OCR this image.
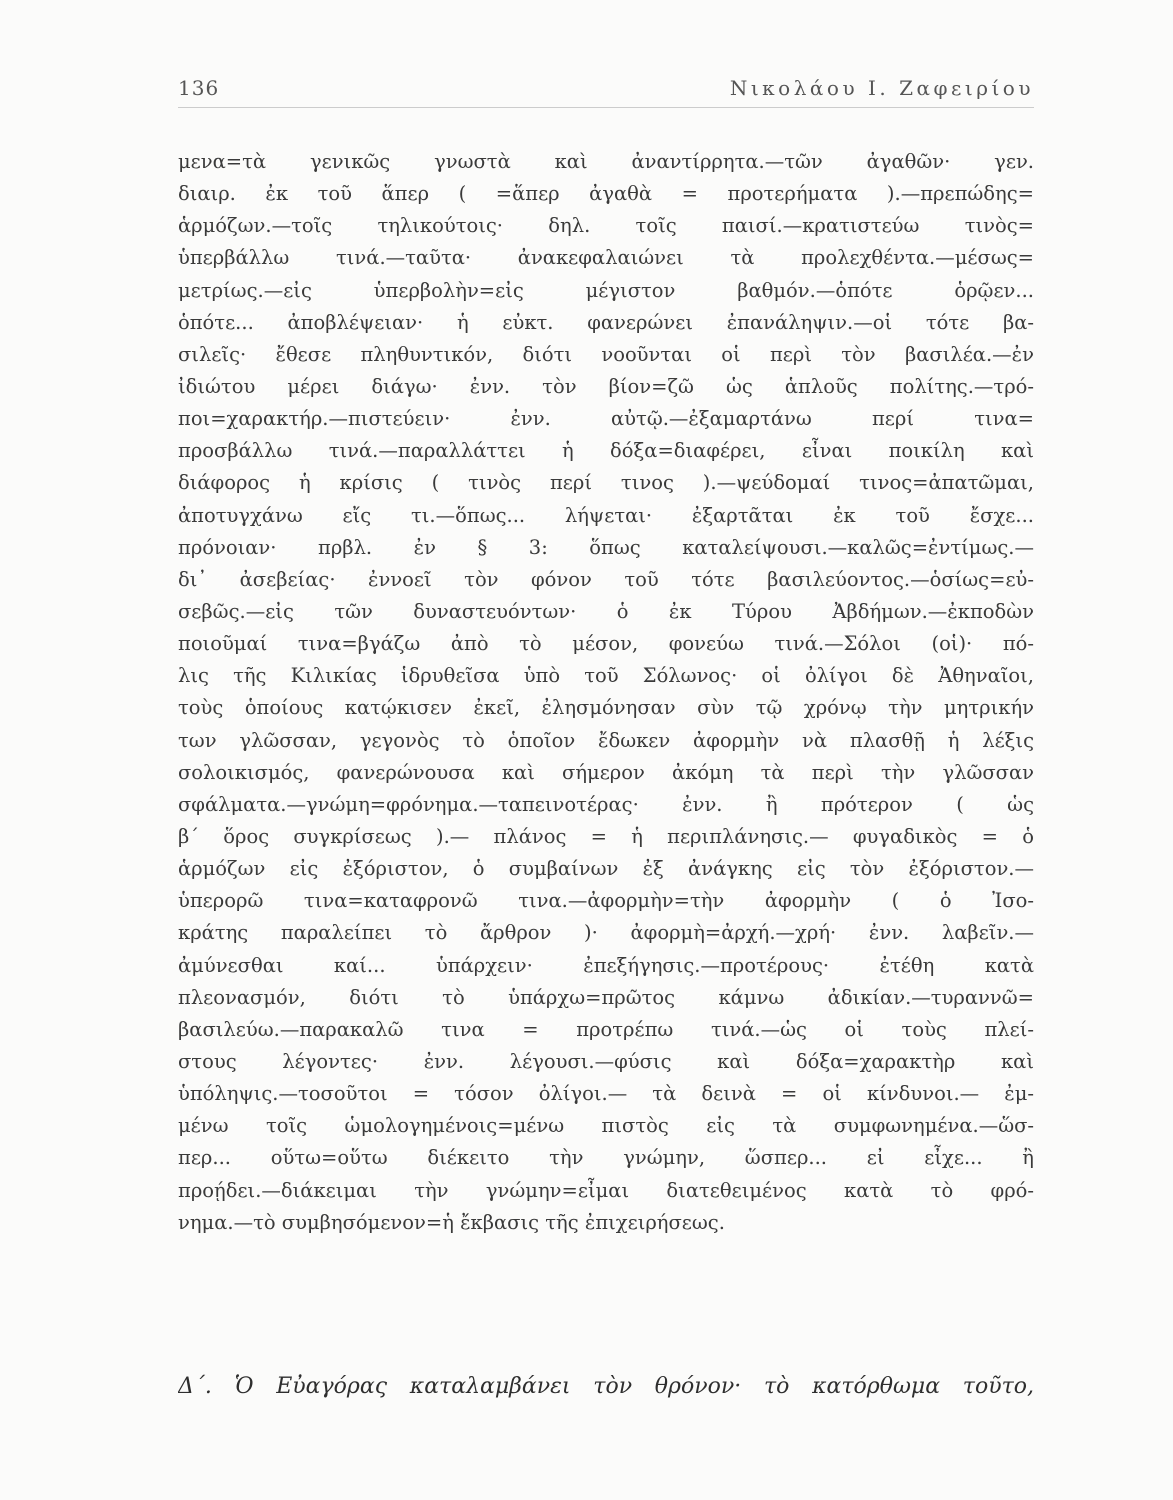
136	Νικολάου Ι. Ζαφειρίου
μενα=τὰ γενικῶς γνωστὰ καὶ ἀναντίρρητα.—τῶν ἀγαθῶν· γεν.
διαιρ. ἐκ τοῦ ἅπερ ( =ἅπερ ἀγαθὰ = προτερήματα ).—πρεπώδης=
ἁρμόζων.—τοῖς τηλικούτοις· δηλ. τοῖς παισί.—κρατιστεύω τινὸς=
ὑπερβάλλω τινά.—ταῦτα· ἀνακεφαλαιώνει τὰ προλεχθέντα.—μέσως=
μετρίως.—εἰς ὑπερβολὴν=εἰς μέγιστον βαθμόν.—ὁπότε ὁρῷεν...
ὁπότε... ἀποβλέψειαν· ἡ εὐκτ. φανερώνει ἐπανάληψιν.—οἱ τότε βα-
σιλεῖς· ἔθεσε πληθυντικόν, διότι νοοῦνται οἱ περὶ τὸν βασιλέα.—ἐν
ἰδιώτου μέρει διάγω· ἐνν. τὸν βίον=ζῶ ὡς ἁπλοῦς πολίτης.—τρό-
ποι=χαρακτήρ.—πιστεύειν· ἐνν. αὐτῷ.—ἐξαμαρτάνω περί τινα=
προσβάλλω τινά.—παραλλάττει ἡ δόξα=διαφέρει, εἶναι ποικίλη καὶ
διάφορος ἡ κρίσις ( τινὸς περί τινος ).—ψεύδομαί τινος=ἀπατῶμαι,
ἀποτυγχάνω εἴς τι.—ὅπως... λήψεται· ἐξαρτᾶται ἐκ τοῦ ἔσχε...
πρόνοιαν· πρβλ. ἐν § 3: ὅπως καταλείψουσι.—καλῶς=ἐντίμως.—
δι᾽ ἀσεβείας· ἐννοεῖ τὸν φόνον τοῦ τότε βασιλεύοντος.—ὁσίως=εὐ-
σεβῶς.—εἰς τῶν δυναστευόντων· ὁ ἐκ Τύρου Ἀβδήμων.—ἐκποδὼν
ποιοῦμαί τινα=βγάζω ἀπὸ τὸ μέσον, φονεύω τινά.—Σόλοι (οἱ)· πό-
λις τῆς Κιλικίας ἱδρυθεῖσα ὑπὸ τοῦ Σόλωνος· οἱ ὀλίγοι δὲ Ἀθηναῖοι,
τοὺς ὁποίους κατῴκισεν ἐκεῖ, ἐλησμόνησαν σὺν τῷ χρόνῳ τὴν μητρικήν
των γλῶσσαν, γεγονὸς τὸ ὁποῖον ἔδωκεν ἀφορμὴν νὰ πλασθῇ ἡ λέξις
σολοικισμός, φανερώνουσα καὶ σήμερον ἀκόμη τὰ περὶ τὴν γλῶσσαν
σφάλματα.—γνώμη=φρόνημα.—ταπεινοτέρας· ἐνν. ἢ πρότερον ( ὡς
β΄ ὅρος συγκρίσεως ).— πλάνος = ἡ περιπλάνησις.— φυγαδικὸς = ὁ
ἁρμόζων εἰς ἐξόριστον, ὁ συμβαίνων ἐξ ἀνάγκης εἰς τὸν ἐξόριστον.—
ὑπερορῶ τινα=καταφρονῶ τινα.—ἀφορμὴν=τὴν ἀφορμὴν ( ὁ Ἰσο-
κράτης παραλείπει τὸ ἄρθρον )· ἀφορμὴ=ἀρχή.—χρή· ἐνν. λαβεῖν.—
ἀμύνεσθαι καί... ὑπάρχειν· ἐπεξήγησις.—προτέρους· ἐτέθη κατὰ
πλεονασμόν, διότι τὸ ὑπάρχω=πρῶτος κάμνω ἀδικίαν.—τυραννῶ=
βασιλεύω.—παρακαλῶ τινα = προτρέπω τινά.—ὡς οἱ τοὺς πλεί-
στους λέγοντες· ἐνν. λέγουσι.—φύσις καὶ δόξα=χαρακτὴρ καὶ
ὑπόληψις.—τοσοῦτοι = τόσον ὀλίγοι.— τὰ δεινὰ = οἱ κίνδυνοι.— ἐμ-
μένω τοῖς ὡμολογημένοις=μένω πιστὸς εἰς τὰ συμφωνημένα.—ὥσ-
περ... οὕτω=οὕτω διέκειτο τὴν γνώμην, ὥσπερ... εἰ εἶχε... ἢ
προῄδει.—διάκειμαι τὴν γνώμην=εἶμαι διατεθειμένος κατὰ τὸ φρό-
νημα.—τὸ συμβησόμενον=ἡ ἔκβασις τῆς ἐπιχειρήσεως.
Δ΄. Ὁ Εὐαγόρας καταλαμβάνει τὸν θρόνον· τὸ κατόρθωμα τοῦτο,
